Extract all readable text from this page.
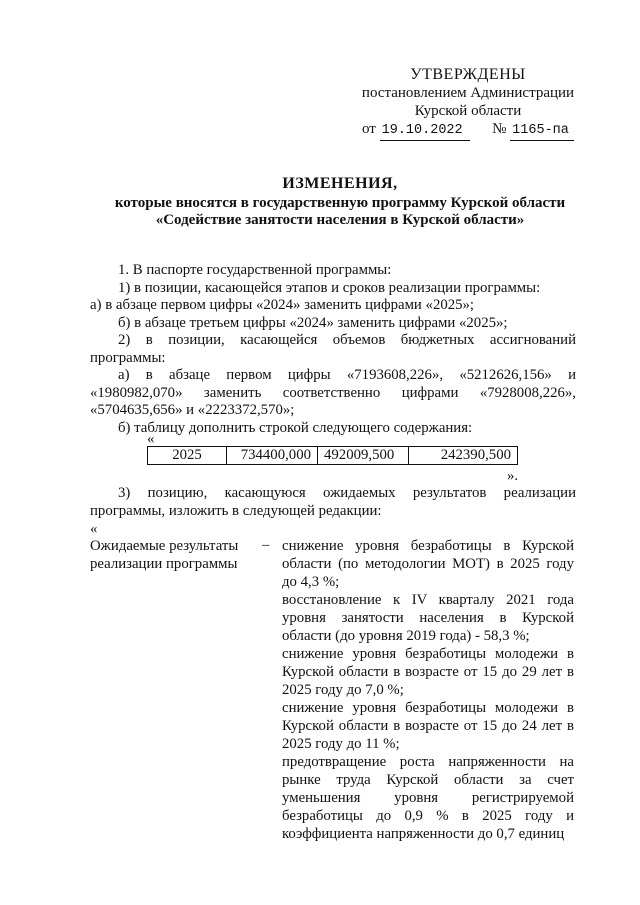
УТВЕРЖДЕНЫ
постановлением Администрации
Курской области
от 19.10.2022 № 1165-па
ИЗМЕНЕНИЯ,
которые вносятся в государственную программу Курской области
«Содействие занятости населения в Курской области»

1. В паспорте государственной программы:

1) в позиции, касающейся этапов и сроков реализации программы:

а) в абзаце первом цифры «2024» заменить цифрами «2025»;

б) в абзаце третьем цифры «2024» заменить цифрами «2025»;

2) в позиции, касающейся объемов бюджетных ассигнований программы:

а) в абзаце первом цифры «7193608,226», «5212626,156» и «1980982,070» заменить соответственно цифрами «7928008,226», «5704635,656» и «2223372,570»;

б) таблицу дополнить строкой следующего содержания:

«
2025	734400,000	492009,500	242390,500
».

3) позицию, касающуюся ожидаемых результатов реализации программы, изложить в следующей редакции:

«
Ожидаемые результаты реализации программы
– снижение уровня безработицы в Курской области (по методологии МОТ) в 2025 году до 4,3 %;

восстановление к IV кварталу 2021 года уровня занятости населения в Курской области (до уровня 2019 года) - 58,3 %;

снижение уровня безработицы молодежи в Курской области в возрасте от 15 до 29 лет в 2025 году до 7,0 %;

снижение уровня безработицы молодежи в Курской области в возрасте от 15 до 24 лет в 2025 году до 11 %;

предотвращение роста напряженности на рынке труда Курской области за счет уменьшения уровня регистрируемой безработицы до 0,9 % в 2025 году и коэффициента напряженности до 0,7 единиц
